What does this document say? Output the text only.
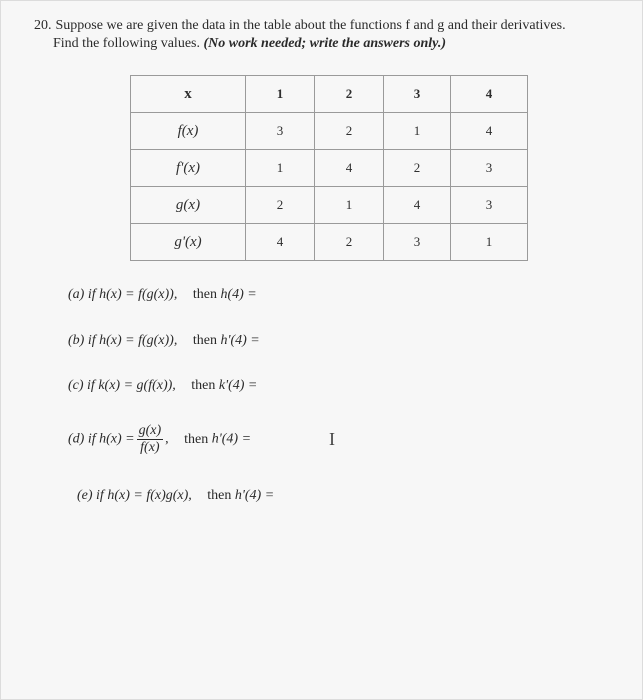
20. Suppose we are given the data in the table about the functions f and g and their derivatives.
Find the following values. (No work needed; write the answers only.)
x	1	2	3	4
f(x)	3	2	1	4
f'(x)	1	4	2	3
g(x)	2	1	4	3
g'(x)	4	2	3	1
(a) if h(x) = f(g(x)), then h(4) =
(b) if h(x) = f(g(x)), then h'(4) =
(c) if k(x) = g(f(x)), then k'(4) =
(d) if $h(x) = \frac{g(x)}{f(x)}$ , then h'(4) =
(e) if h(x) = f(x)g(x), then h'(4) =
I
